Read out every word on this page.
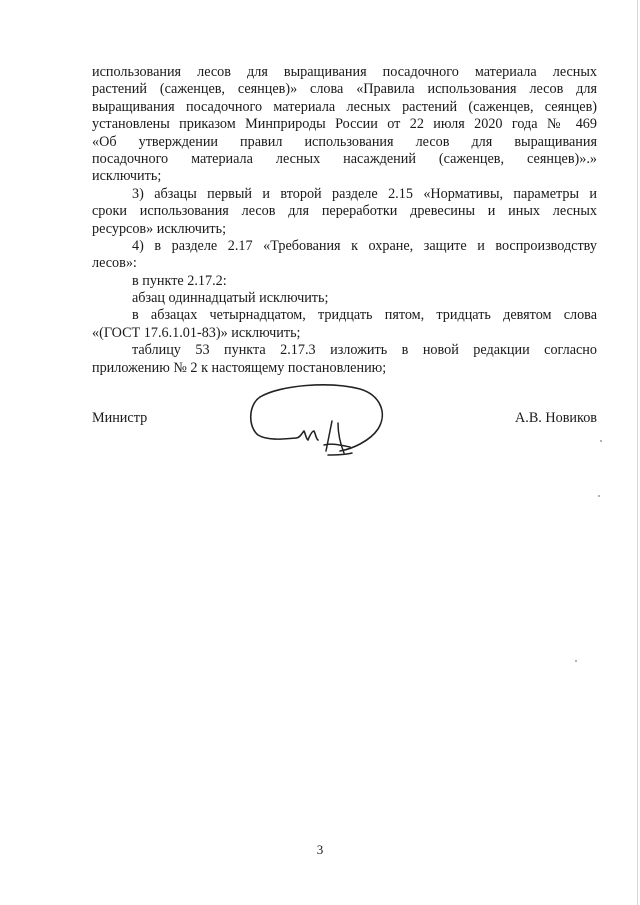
использования лесов для выращивания посадочного материала лесных
растений (саженцев, сеянцев)» слова «Правила использования лесов для
выращивания посадочного материала лесных растений (саженцев, сеянцев)
установлены приказом Минприроды России от 22 июля 2020 года № 469
«Об утверждении правил использования лесов для выращивания
посадочного материала лесных насаждений (саженцев, сеянцев)».»
исключить;
3) абзацы первый и второй разделе 2.15 «Нормативы, параметры и
сроки использования лесов для переработки древесины и иных лесных
ресурсов» исключить;
4) в разделе 2.17 «Требования к охране, защите и воспроизводству
лесов»:
в пункте 2.17.2:
абзац одиннадцатый исключить;
в абзацах четырнадцатом, тридцать пятом, тридцать девятом слова
«(ГОСТ 17.6.1.01-83)» исключить;
таблицу 53 пункта 2.17.3 изложить в новой редакции согласно
приложению № 2 к настоящему постановлению;
Министр	А.В. Новиков
3
